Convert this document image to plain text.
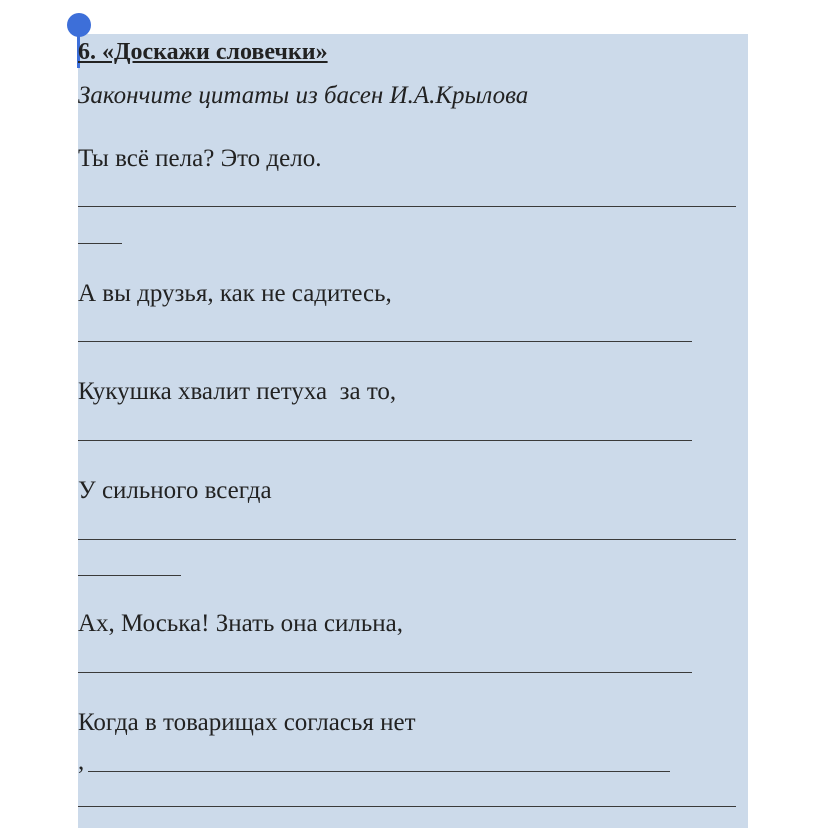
6. «Доскажи словечки»

Закончите цитаты из басен И.А.Крылова

Ты всё пела? Это дело.

А вы друзья, как не садитесь,

Кукушка хвалит петуха  за то,

У сильного всегда

Ах, Моська! Знать она сильна,

Когда в товарищах согласья нет

,
